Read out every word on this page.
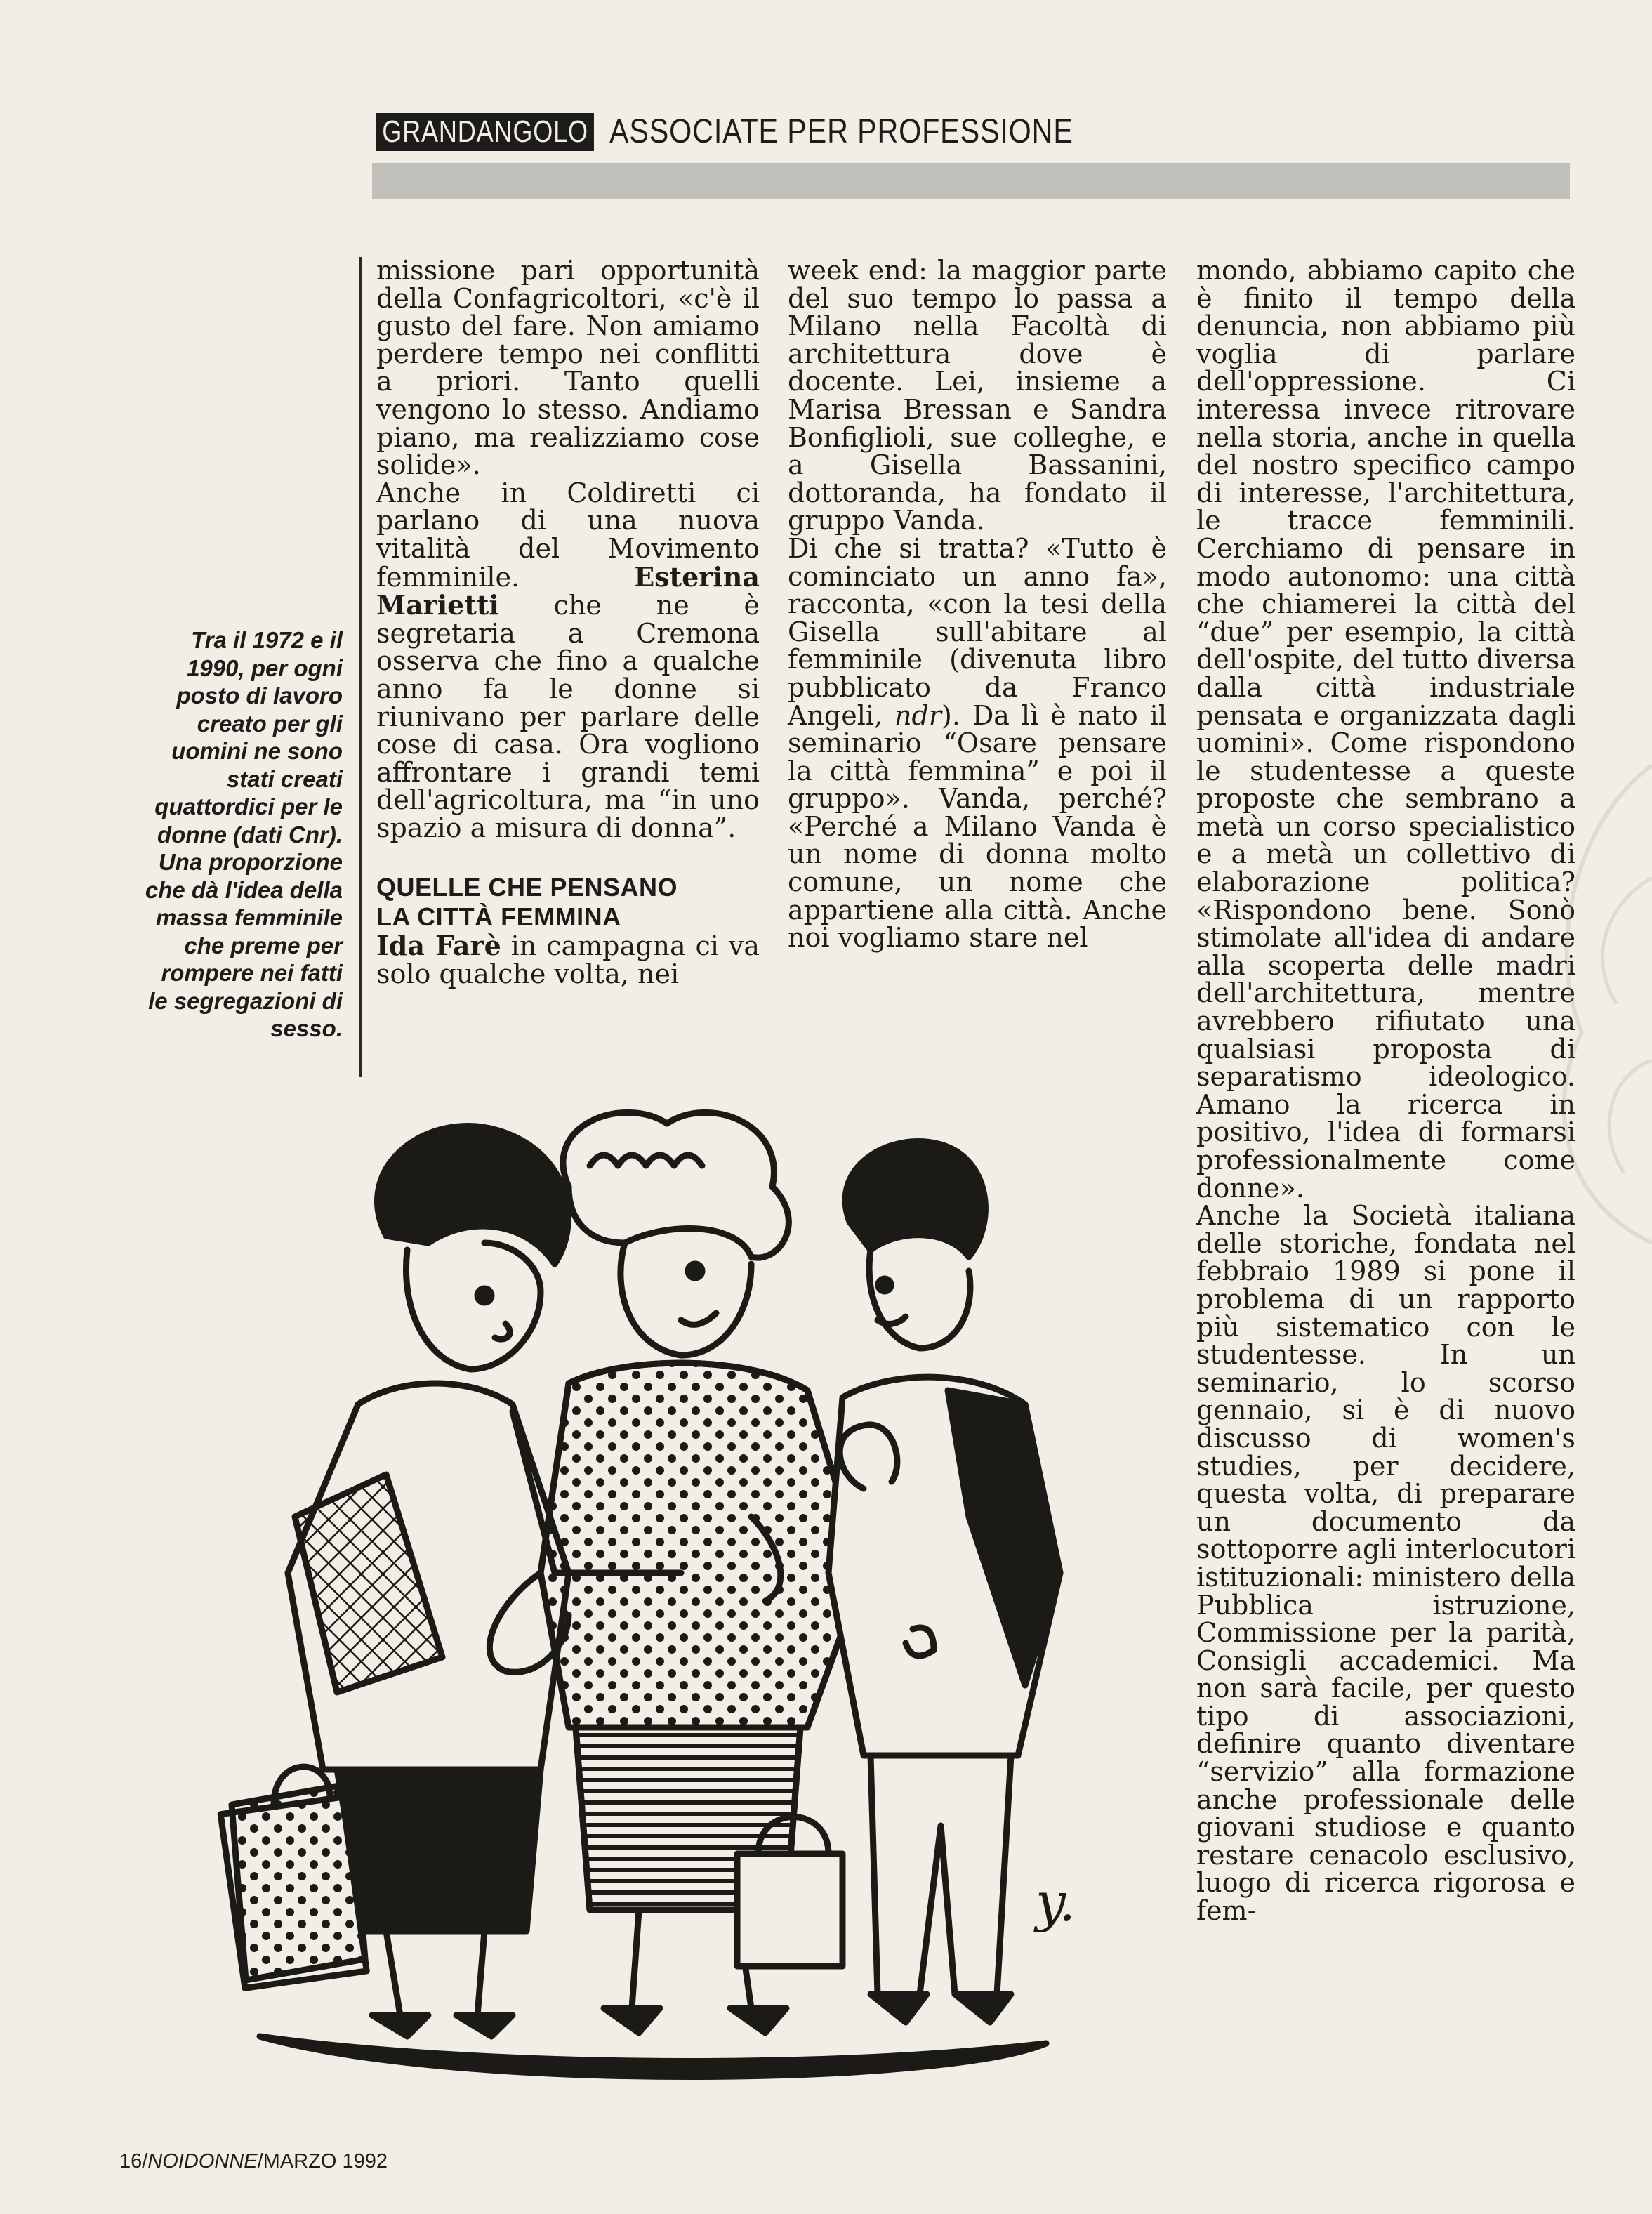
GRANDANGOLO ASSOCIATE PER PROFESSIONE
Tra il 1972 e il 1990, per ogni posto di lavoro creato per gli uomini ne sono stati creati quattordici per le donne (dati Cnr). Una proporzione che dà l'idea della massa femminile che preme per rompere nei fatti le segregazioni di sesso.

missione pari opportunità della Confagricoltori, «c'è il gusto del fare. Non amiamo perdere tempo nei conflitti a priori. Tanto quelli vengono lo stesso. Andiamo piano, ma realizziamo cose solide».

Anche in Coldiretti ci parlano di una nuova vitalità del Movimento femminile.	Esterina Marietti che ne è segretaria a Cremona osserva che fino a qualche anno fa le donne si riunivano per parlare delle cose di casa. Ora vogliono affrontare i grandi temi dell'agricoltura, ma “in uno spazio a misura di donna”.

QUELLE CHE PENSANO
LA CITTÀ FEMMINA

Ida Farè in campagna ci va solo qualche volta, nei

week end: la maggior parte del suo tempo lo passa a Milano nella Facoltà di architettura dove è docente. Lei, insieme a Marisa Bressan e Sandra Bonfiglioli, sue colleghe, e a Gisella Bassanini, dottoranda, ha fondato il gruppo Vanda.

Di che si tratta? «Tutto è cominciato un anno fa», racconta, «con la tesi della Gisella sull'abitare al femminile (divenuta libro pubblicato da Franco Angeli, ndr). Da lì è nato il seminario “Osare pensare la città femmina” e poi il gruppo». Vanda, perché? «Perché a Milano Vanda è un nome di donna molto comune, un nome che appartiene alla città. Anche noi vogliamo stare nel

mondo, abbiamo capito che è finito il tempo della denuncia, non abbiamo più voglia di parlare dell'oppressione. Ci interessa invece ritrovare nella storia, anche in quella del nostro specifico campo di interesse, l'architettura, le tracce femminili. Cerchiamo di pensare in modo autonomo: una città che chiamerei la città del “due” per esempio, la città dell'ospite, del tutto diversa dalla città industriale pensata e organizzata dagli uomini». Come rispondono le studentesse a queste proposte che sembrano a metà un corso specialistico e a metà un collettivo di elaborazione politica? «Rispondono bene. Sonò stimolate all'idea di andare alla scoperta delle madri dell'architettura, mentre avrebbero rifiutato una qualsiasi proposta di separatismo ideologico. Amano la ricerca in positivo, l'idea di formarsi professionalmente come donne».

Anche la Società italiana delle storiche, fondata nel febbraio 1989 si pone il problema di un rapporto più sistematico con le studentesse. In un seminario, lo scorso gennaio, si è di nuovo discusso di women's studies, per decidere, questa volta, di preparare un documento da sottoporre agli interlocutori istituzionali: ministero della Pubblica istruzione, Commissione per la parità, Consigli accademici. Ma non sarà facile, per questo tipo di associazioni, definire quanto diventare “servizio” alla formazione anche professionale delle giovani studiose e quanto restare cenacolo esclusivo, luogo di ricerca rigorosa e fem-

y.
16/NOIDONNE/MARZO 1992
